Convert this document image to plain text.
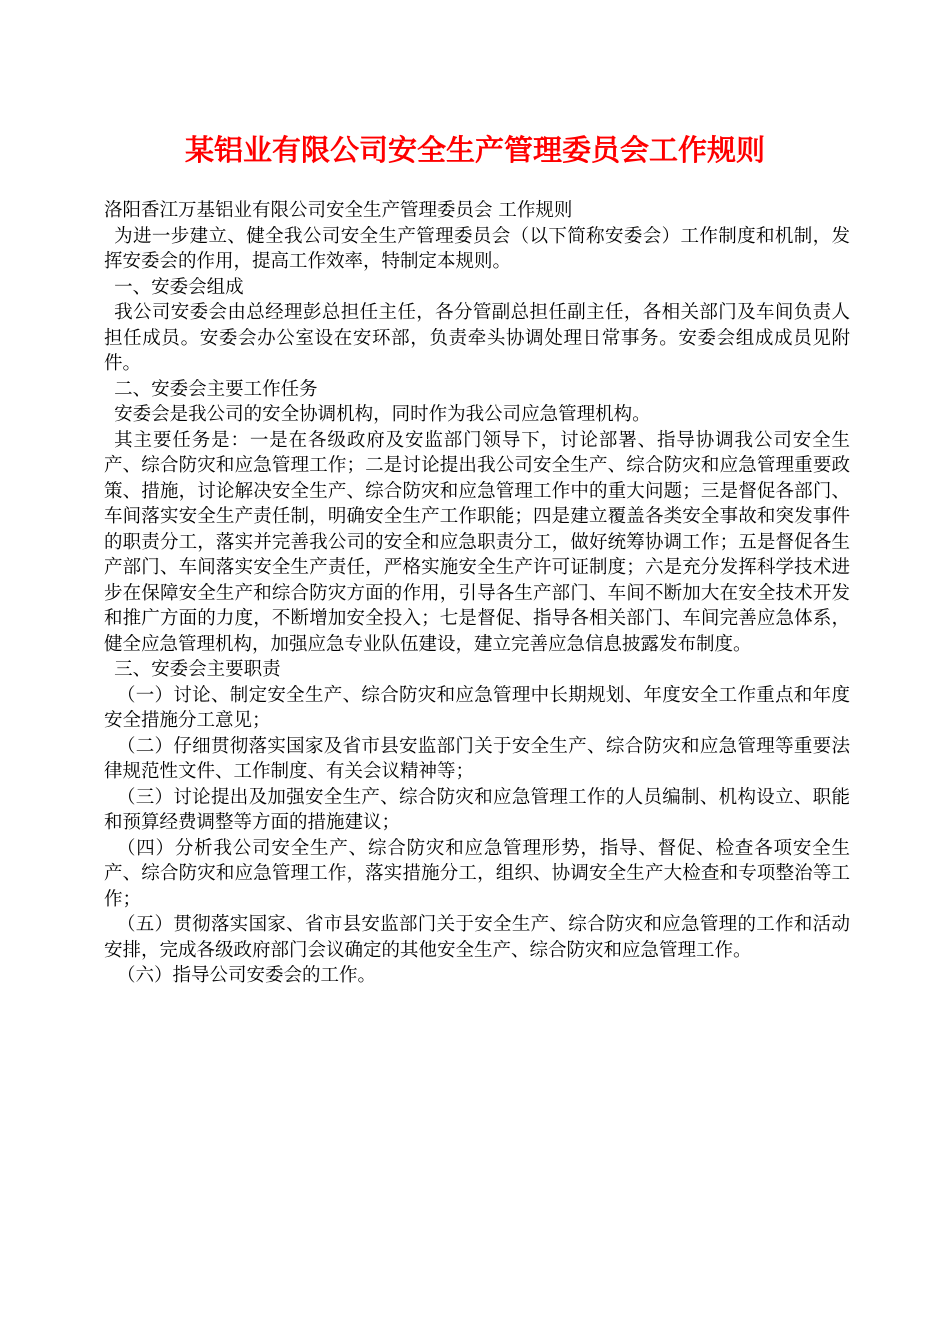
某铝业有限公司安全生产管理委员会工作规则

洛阳香江万基铝业有限公司安全生产管理委员会 工作规则

为进一步建立、健全我公司安全生产管理委员会（以下简称安委会）工作制度和机制，发挥安委会的作用，提高工作效率，特制定本规则。

一、安委会组成

我公司安委会由总经理彭总担任主任，各分管副总担任副主任，各相关部门及车间负责人担任成员。安委会办公室设在安环部，负责牵头协调处理日常事务。安委会组成成员见附件。

二、安委会主要工作任务

安委会是我公司的安全协调机构，同时作为我公司应急管理机构。

其主要任务是：一是在各级政府及安监部门领导下，讨论部署、指导协调我公司安全生产、综合防灾和应急管理工作；二是讨论提出我公司安全生产、综合防灾和应急管理重要政策、措施，讨论解决安全生产、综合防灾和应急管理工作中的重大问题；三是督促各部门、车间落实安全生产责任制，明确安全生产工作职能；四是建立覆盖各类安全事故和突发事件的职责分工，落实并完善我公司的安全和应急职责分工，做好统筹协调工作；五是督促各生产部门、车间落实安全生产责任，严格实施安全生产许可证制度；六是充分发挥科学技术进步在保障安全生产和综合防灾方面的作用，引导各生产部门、车间不断加大在安全技术开发和推广方面的力度，不断增加安全投入；七是督促、指导各相关部门、车间完善应急体系，健全应急管理机构，加强应急专业队伍建设，建立完善应急信息披露发布制度。

三、安委会主要职责

（一）讨论、制定安全生产、综合防灾和应急管理中长期规划、年度安全工作重点和年度安全措施分工意见；

（二）仔细贯彻落实国家及省市县安监部门关于安全生产、综合防灾和应急管理等重要法律规范性文件、工作制度、有关会议精神等；

（三）讨论提出及加强安全生产、综合防灾和应急管理工作的人员编制、机构设立、职能和预算经费调整等方面的措施建议；

（四）分析我公司安全生产、综合防灾和应急管理形势，指导、督促、检查各项安全生产、综合防灾和应急管理工作，落实措施分工，组织、协调安全生产大检查和专项整治等工作；

（五）贯彻落实国家、省市县安监部门关于安全生产、综合防灾和应急管理的工作和活动安排，完成各级政府部门会议确定的其他安全生产、综合防灾和应急管理工作。

（六）指导公司安委会的工作。
